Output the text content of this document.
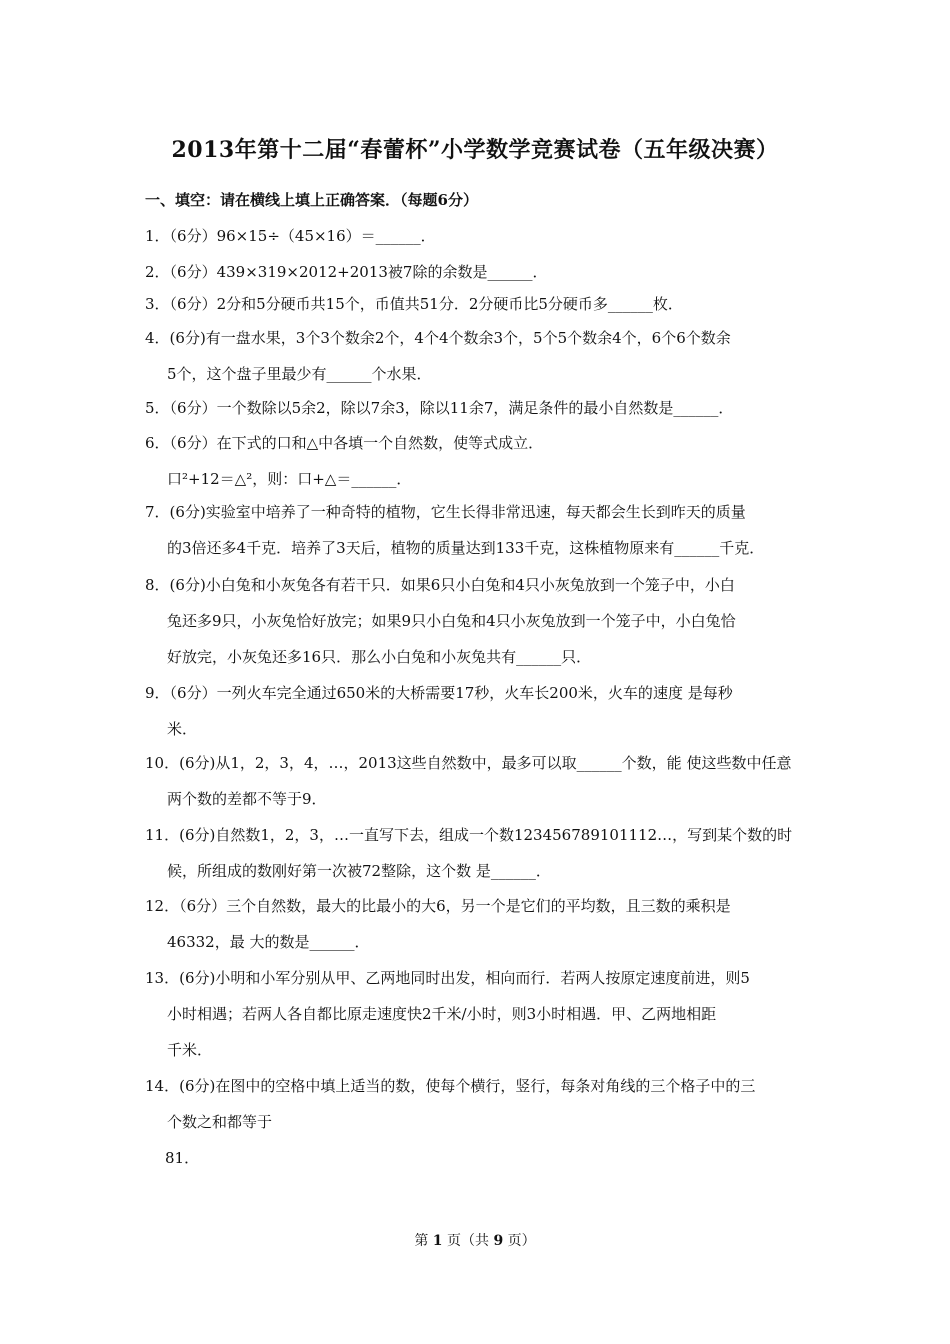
2013年第十二届“春蕾杯”小学数学竞赛试卷（五年级决赛）
一、填空：请在横线上填上正确答案．（每题6分）
1．（6分）96×15÷（45×16）＝______．
2．（6分）439×319×2012+2013被7除的余数是______．
3．（6分）2分和5分硬币共15个，币值共51分．2分硬币比5分硬币多______枚．
4．(6分)有一盘水果，3个3个数余2个，4个4个数余3个，5个5个数余4个，6个6个数余
5个，这个盘子里最少有______个水果．
5．（6分）一个数除以5余2，除以7余3，除以11余7，满足条件的最小自然数是______．
6．（6分）在下式的口和△中各填一个自然数，使等式成立．
口²+12＝△²，则：口+△＝______．
7．(6分)实验室中培养了一种奇特的植物，它生长得非常迅速，每天都会生长到昨天的质量
的3倍还多4千克．培养了3天后，植物的质量达到133千克，这株植物原来有______千克．
8．(6分)小白兔和小灰兔各有若干只．如果6只小白兔和4只小灰兔放到一个笼子中，小白
兔还多9只，小灰兔恰好放完；如果9只小白兔和4只小灰兔放到一个笼子中，小白兔恰
好放完，小灰兔还多16只．那么小白兔和小灰兔共有______只．
9．（6分）一列火车完全通过650米的大桥需要17秒，火车长200米，火车的速度 是每秒
米．
10．(6分)从1，2，3，4，…，2013这些自然数中，最多可以取______个数，能 使这些数中任意
两个数的差都不等于9．
11．(6分)自然数1，2，3，…一直写下去，组成一个数123456789101112…，写到某个数的时
候，所组成的数刚好第一次被72整除，这个数 是______．
12．（6分）三个自然数，最大的比最小的大6，另一个是它们的平均数，且三数的乘积是
46332，最 大的数是______．
13．(6分)小明和小军分别从甲、乙两地同时出发，相向而行．若两人按原定速度前进，则5
小时相遇；若两人各自都比原走速度快2千米/小时，则3小时相遇．甲、乙两地相距
千米．
14．(6分)在图中的空格中填上适当的数，使每个横行，竖行，每条对角线的三个格子中的三
个数之和都等于
81．
第 1 页（共 9 页）
